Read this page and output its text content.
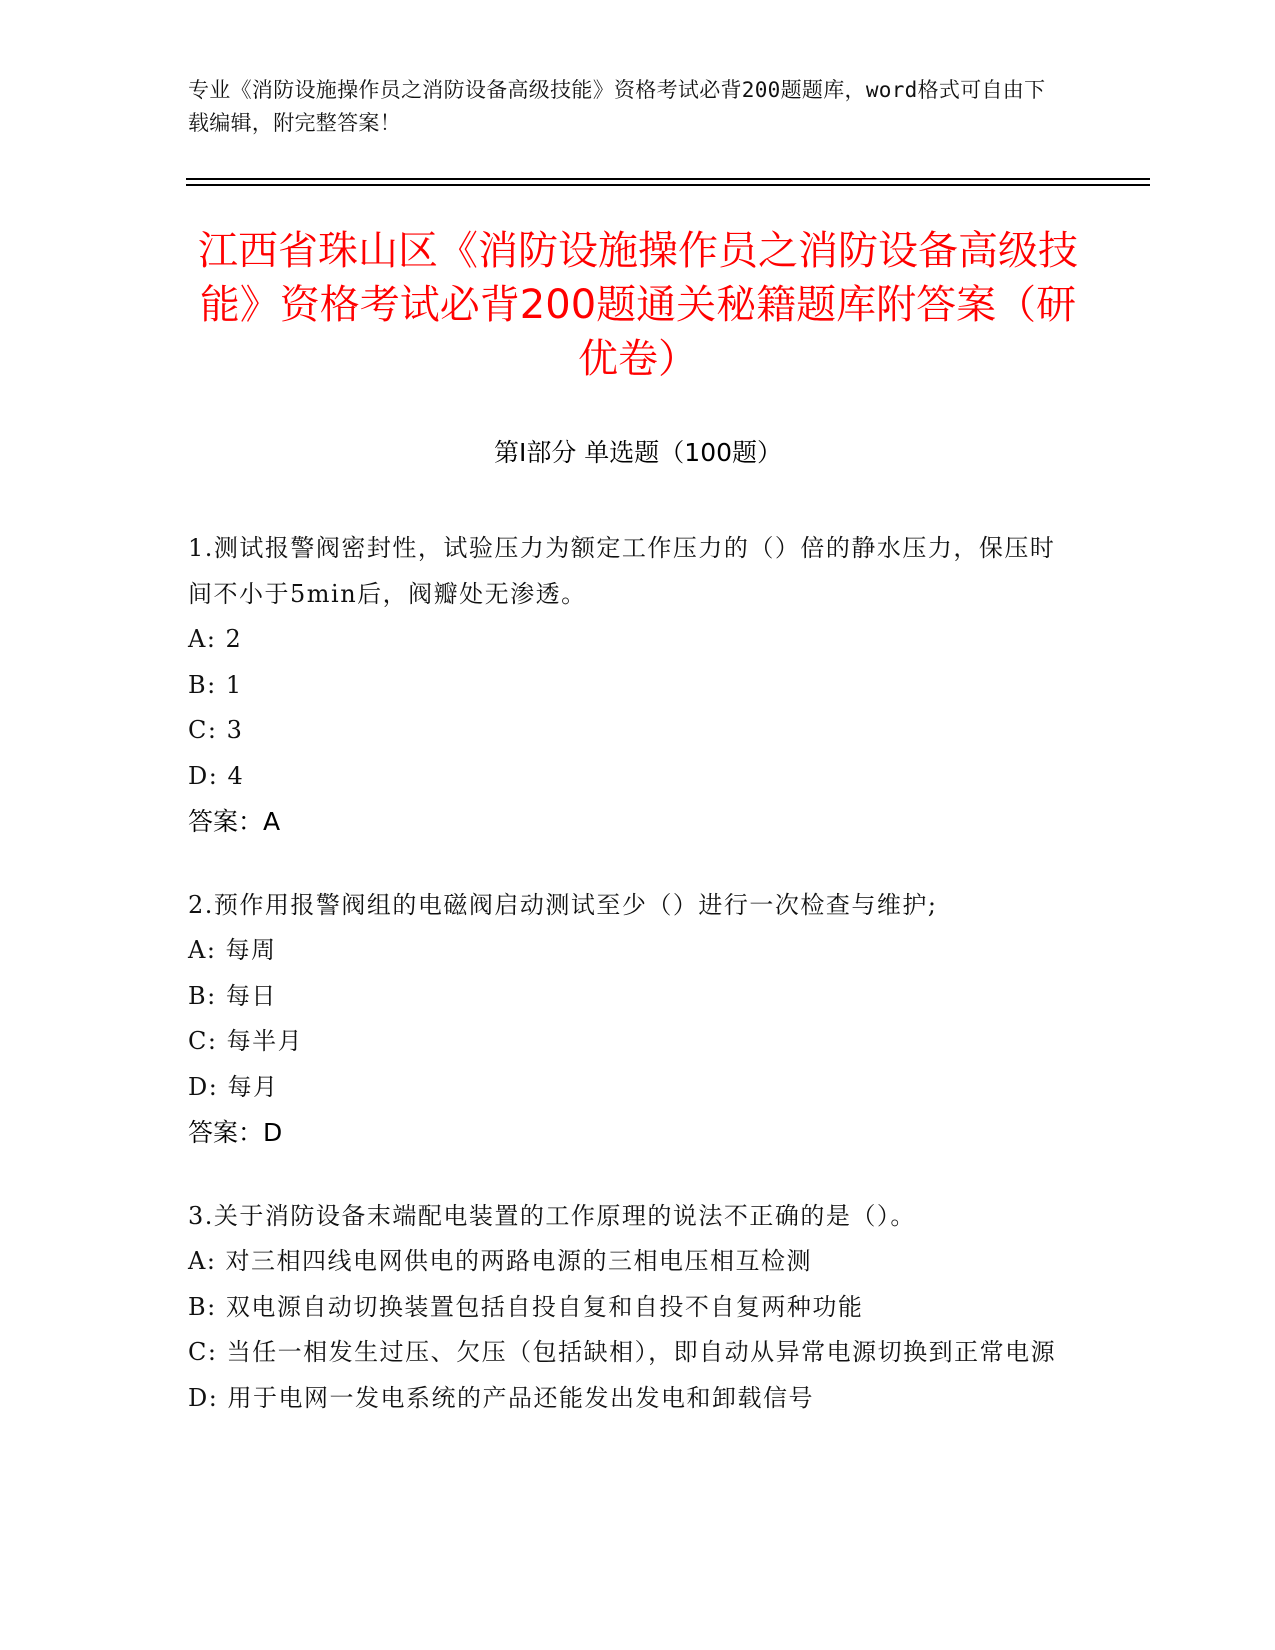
专业《消防设施操作员之消防设备高级技能》资格考试必背200题题库，word格式可自由下载编辑，附完整答案！
江西省珠山区《消防设施操作员之消防设备高级技能》资格考试必背200题通关秘籍题库附答案（研优卷）
第Ⅰ部分 单选题（100题）
1.测试报警阀密封性，试验压力为额定工作压力的（）倍的静水压力，保压时间不小于5min后，阀瓣处无渗透。
A: 2
B: 1
C: 3
D: 4
答案：A
2.预作用报警阀组的电磁阀启动测试至少（）进行一次检查与维护;
A: 每周
B: 每日
C: 每半月
D: 每月
答案：D
3.关于消防设备末端配电装置的工作原理的说法不正确的是（）。
A: 对三相四线电网供电的两路电源的三相电压相互检测
B: 双电源自动切换装置包括自投自复和自投不自复两种功能
C: 当任一相发生过压、欠压（包括缺相），即自动从异常电源切换到正常电源
D: 用于电网一发电系统的产品还能发出发电和卸载信号
